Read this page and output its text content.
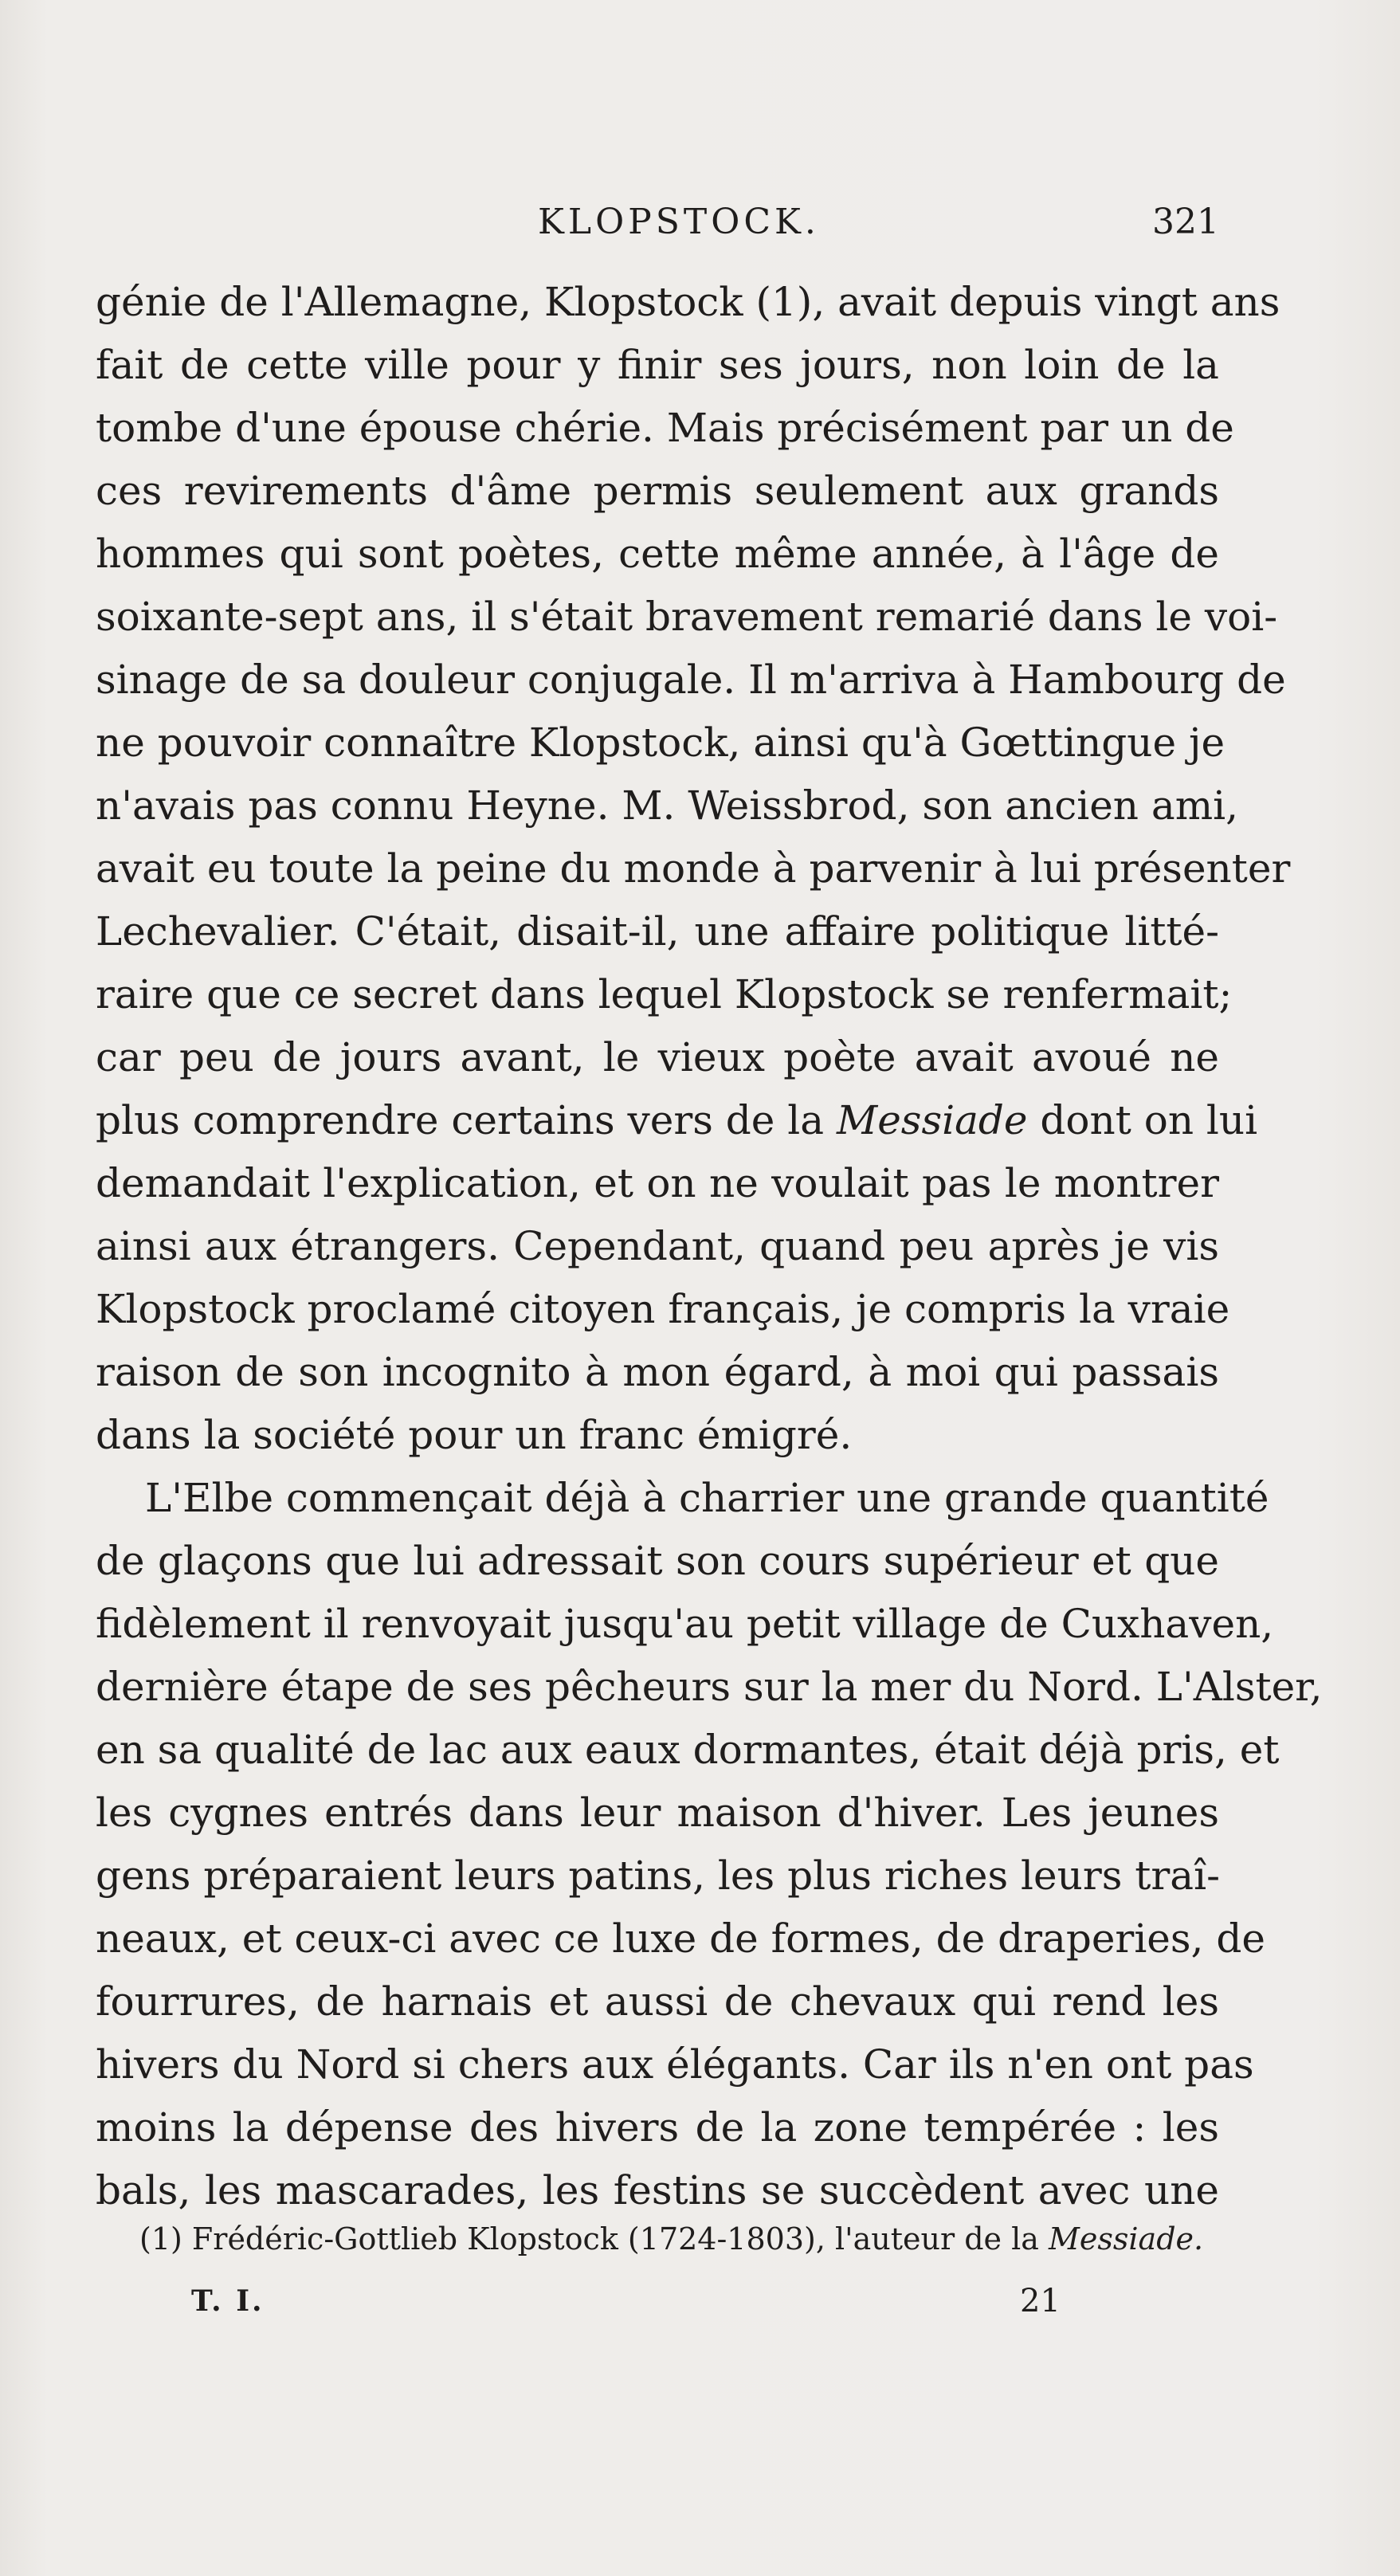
KLOPSTOCK.	321
génie de l'Allemagne, Klopstock (1), avait depuis vingt ans
fait de cette ville pour y finir ses jours, non loin de la
tombe d'une épouse chérie. Mais précisément par un de
ces revirements d'âme permis seulement aux grands
hommes qui sont poètes, cette même année, à l'âge de
soixante-sept ans, il s'était bravement remarié dans le voi-
sinage de sa douleur conjugale. Il m'arriva à Hambourg de
ne pouvoir connaître Klopstock, ainsi qu'à Gœttingue je
n'avais pas connu Heyne. M. Weissbrod, son ancien ami,
avait eu toute la peine du monde à parvenir à lui présenter
Lechevalier. C'était, disait-il, une affaire politique litté-
raire que ce secret dans lequel Klopstock se renfermait;
car peu de jours avant, le vieux poète avait avoué ne
plus comprendre certains vers de la Messiade dont on lui
demandait l'explication, et on ne voulait pas le montrer
ainsi aux étrangers. Cependant, quand peu après je vis
Klopstock proclamé citoyen français, je compris la vraie
raison de son incognito à mon égard, à moi qui passais
dans la société pour un franc émigré.
L'Elbe commençait déjà à charrier une grande quantité
de glaçons que lui adressait son cours supérieur et que
fidèlement il renvoyait jusqu'au petit village de Cuxhaven,
dernière étape de ses pêcheurs sur la mer du Nord. L'Alster,
en sa qualité de lac aux eaux dormantes, était déjà pris, et
les cygnes entrés dans leur maison d'hiver. Les jeunes
gens préparaient leurs patins, les plus riches leurs traî-
neaux, et ceux-ci avec ce luxe de formes, de draperies, de
fourrures, de harnais et aussi de chevaux qui rend les
hivers du Nord si chers aux élégants. Car ils n'en ont pas
moins la dépense des hivers de la zone tempérée : les
bals, les mascarades, les festins se succèdent avec une
(1) Frédéric-Gottlieb Klopstock (1724-1803), l'auteur de la Messiade.
T. I.	21
